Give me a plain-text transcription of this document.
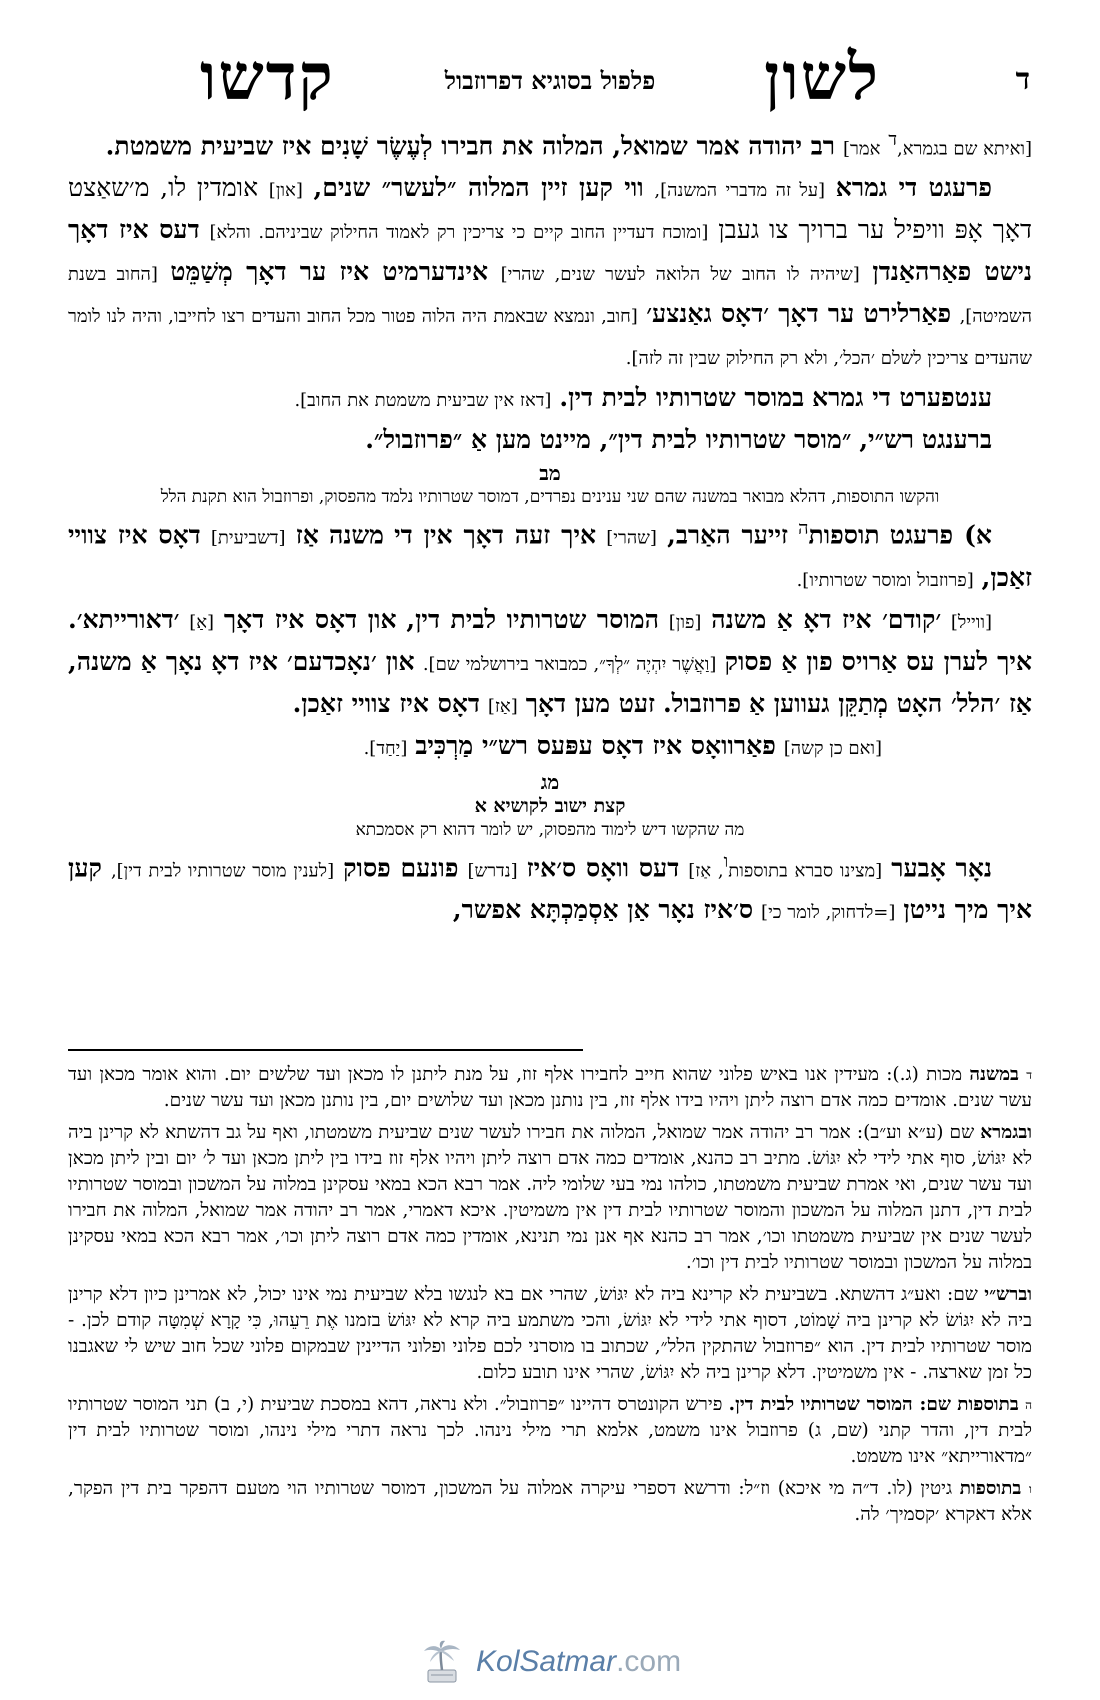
ד
לשון
פלפול בסוגיא דפרוזבול
קדשו

[ואיתא שם בגמרא,$^ד$ אמר] רב יהודה אמר שמואל, המלוה את חבירו לְעֶשֶׂר שָׁנִים איז שביעית משמטת.

פרעגט די גמרא [על זה מדברי המשנה], ווי קען זיין המלוה ״לעשר״ שנים, [און] אומדין לו, מ׳שאַצט דאָך אָפּ וויפיל ער ברויך צו געבן [ומוכח דעדיין החוב קיים כי צריכין רק לאמוד החילוק שביניהם. והלא] דעס איז דאָך נישט פאַרהאַנדן [שיהיה לו החוב של הלואה לעשר שנים, שהרי] אינדערמיט איז ער דאָך מְשַׁמֵּט [החוב בשנת השמיטה], פאַרלירט ער דאָך ׳דאָס גאַנצע׳ [חוב, ונמצא שבאמת היה הלוה פטור מכל החוב והעדים רצו לחייבו, והיה לנו לומר שהעדים צריכין לשלם ׳הכל׳, ולא רק החילוק שבין זה לזה].

ענטפערט די גמרא במוסר שטרותיו לבית דין. [דאז אין שביעית משמטת את החוב].

ברענגט רש״י, ״מוסר שטרותיו לבית דין״, מיינט מען אַ ״פרוזבול״.

מב

והקשו התוספות, דהלא מבואר במשנה שהם שני ענינים נפרדים, דמוסר שטרותיו נלמד מהפסוק, ופרוזבול הוא תקנת הלל

א) פרעגט תוספות$^ה$ זייער האַרב, [שהרי] איך זעה דאָך אין די משנה אַז [דשביעית] דאָס איז צוויי זאַכן, [פרוזבול ומוסר שטרותיו].

[ווייל] ׳קודם׳ איז דאָ אַ משנה [פון] המוסר שטרותיו לבית דין, און דאָס איז דאָך [אַ] ׳דאורייתא׳. איך לערן עס אַרויס פון אַ פסוק [וַאֲשֶׁר יִהְיֶה ״לְךָ״, כמבואר בירושלמי שם]. און ׳נאָכדעם׳ איז דאָ נאָך אַ משנה, אַז ׳הלל׳ האָט מְתַקֵּן געווען אַ פרוזבול. זעט מען דאָך [אַז] דאָס איז צוויי זאַכן.

[ואם כן קשה] פאַרוואָס איז דאָס עפּעס רש״י מַרְכִּיב [יַחַד].

מג

קצת ישוב לקושיא א

מה שהקשו דיש לימוד מהפסוק, יש לומר דהוא רק אסמכתא

נאָר אָבער [מצינו סברא בתוספות$^ו$, אַז] דעס וואָס ס׳איז [נדרש] פונעם פסוק [לענין מוסר שטרותיו לבית דין], קען איך מיך נייטן [=לדחוק, לומר כי] ס׳איז נאָר אַן אַסְמַכְתָּא אפשר,

$^ד$ במשנה מכות (ג.): מעידין אנו באיש פלוני שהוא חייב לחבירו אלף זוז, על מנת ליתנן לו מכאן ועד שלשים יום. והוא אומר מכאן ועד עשר שנים. אומדים כמה אדם רוצה ליתן ויהיו בידו אלף זוז, בין נותנן מכאן ועד שלושים יום, בין נותנן מכאן ועד עשר שנים.

ובגמרא שם (ע״א וע״ב): אמר רב יהודה אמר שמואל, המלוה את חבירו לעשר שנים שביעית משמטתו, ואף על גב דהשתא לא קרינן ביה לא יִגּוֹשׂ, סוף אתי לידי לא יִגּוֹשׂ. מתיב רב כהנא, אומדים כמה אדם רוצה ליתן ויהיו אלף זוז בידו בין ליתן מכאן ועד ל׳ יום ובין ליתן מכאן ועד עשר שנים, ואי אמרת שביעית משמטתו, כולהו נמי בעי שלומי ליה. אמר רבא הכא במאי עסקינן במלוה על המשכון ובמוסר שטרותיו לבית דין, דתנן המלוה על המשכון והמוסר שטרותיו לבית דין אין משמיטין. איכא דאמרי, אמר רב יהודה אמר שמואל, המלוה את חבירו לעשר שנים אין שביעית משמטתו וכו׳, אמר רב כהנא אף אנן נמי תנינא, אומדין כמה אדם רוצה ליתן וכו׳, אמר רבא הכא במאי עסקינן במלוה על המשכון ובמוסר שטרותיו לבית דין וכו׳.

וברש״י שם: ואע״ג דהשתא. בשביעית לא קרינא ביה לא יִגּוֹשׂ, שהרי אם בא לנגשו בלא שביעית נמי אינו יכול, לא אמרינן כיון דלא קרינן ביה לא יִגּוֹשׂ לא קרינן ביה שָׁמוֹט, דסוף אתי לידי לא יִגּוֹשׂ, והכי משתמע ביה קרא לא יִגּוֹשׂ בזמנו אֶת רֵעֵהוּ, כִּי קָרָא שְׁמִטָּה קודם לכן. - מוסר שטרותיו לבית דין. הוא ״פרוזבול שהתקין הלל״, שכתוב בו מוסרני לכם פלוני ופלוני הדיינין שבמקום פלוני שכל חוב שיש לי שאגבנו כל זמן שארצה. - אין משמיטין. דלא קרינן ביה לא יִגּוֹשׂ, שהרי אינו תובע כלום.

$^ה$ בתוספות שם: המוסר שטרותיו לבית דין. פירש הקונטרס דהיינו ״פרוזבול״. ולא נראה, דהא במסכת שביעית (י, ב) תני המוסר שטרותיו לבית דין, והדר קתני (שם, ג) פרוזבול אינו משמט, אלמא תרי מילי נינהו. לכך נראה דתרי מילי נינהו, ומוסר שטרותיו לבית דין ״מדאורייתא״ אינו משמט.

$^ו$ בתוספות גיטין (לו. ד״ה מי איכא) וז״ל: ודרשא דספרי עיקרה אמלוה על המשכון, דמוסר שטרותיו הוי מטעם דהפקר בית דין הפקר, אלא דאקרא ׳קסמיך׳ לה.

KolSatmar.com
